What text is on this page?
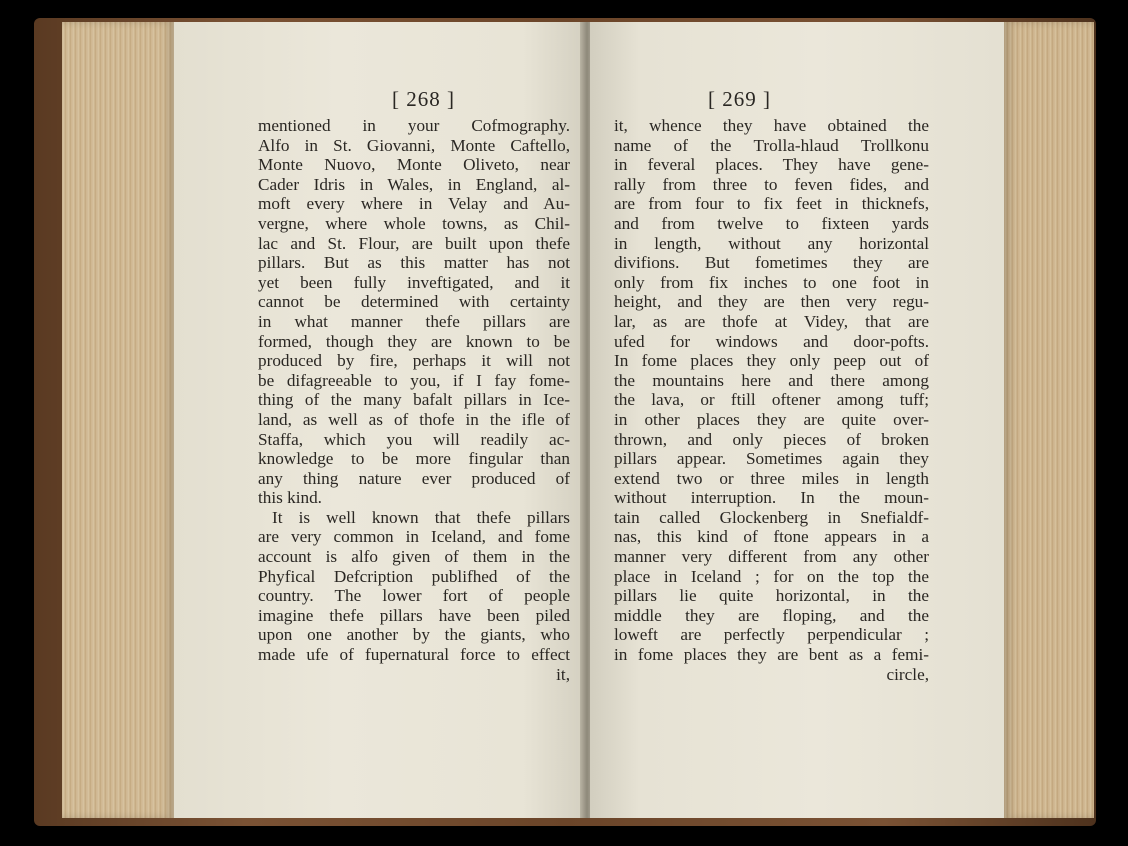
[ 268 ]
mentioned in your Cofmography.
Alfo in St. Giovanni, Monte Caftello,
Monte Nuovo, Monte Oliveto, near
Cader Idris in Wales, in England, al-
moft every where in Velay and Au-
vergne, where whole towns, as Chil-
lac and St. Flour, are built upon thefe
pillars. But as this matter has not
yet been fully inveftigated, and it
cannot be determined with certainty
in what manner thefe pillars are
formed, though they are known to be
produced by fire, perhaps it will not
be difagreeable to you, if I fay fome-
thing of the many bafalt pillars in Ice-
land, as well as of thofe in the ifle of
Staffa, which you will readily ac-
knowledge to be more fingular than
any thing nature ever produced of
this kind.
It is well known that thefe pillars
are very common in Iceland, and fome
account is alfo given of them in the
Phyfical Defcription publifhed of the
country. The lower fort of people
imagine thefe pillars have been piled
upon one another by the giants, who
made ufe of fupernatural force to effect
it,
[ 269 ]
it, whence they have obtained the
name of the Trolla-hlaud Trollkonu
in feveral places. They have gene-
rally from three to feven fides, and
are from four to fix feet in thicknefs,
and from twelve to fixteen yards
in length, without any horizontal
divifions. But fometimes they are
only from fix inches to one foot in
height, and they are then very regu-
lar, as are thofe at Videy, that are
ufed for windows and door-pofts.
In fome places they only peep out of
the mountains here and there among
the lava, or ftill oftener among tuff;
in other places they are quite over-
thrown, and only pieces of broken
pillars appear. Sometimes again they
extend two or three miles in length
without interruption. In the moun-
tain called Glockenberg in Snefialdf-
nas, this kind of ftone appears in a
manner very different from any other
place in Iceland ; for on the top the
pillars lie quite horizontal, in the
middle they are floping, and the
loweft are perfectly perpendicular ;
in fome places they are bent as a femi-
circle,
